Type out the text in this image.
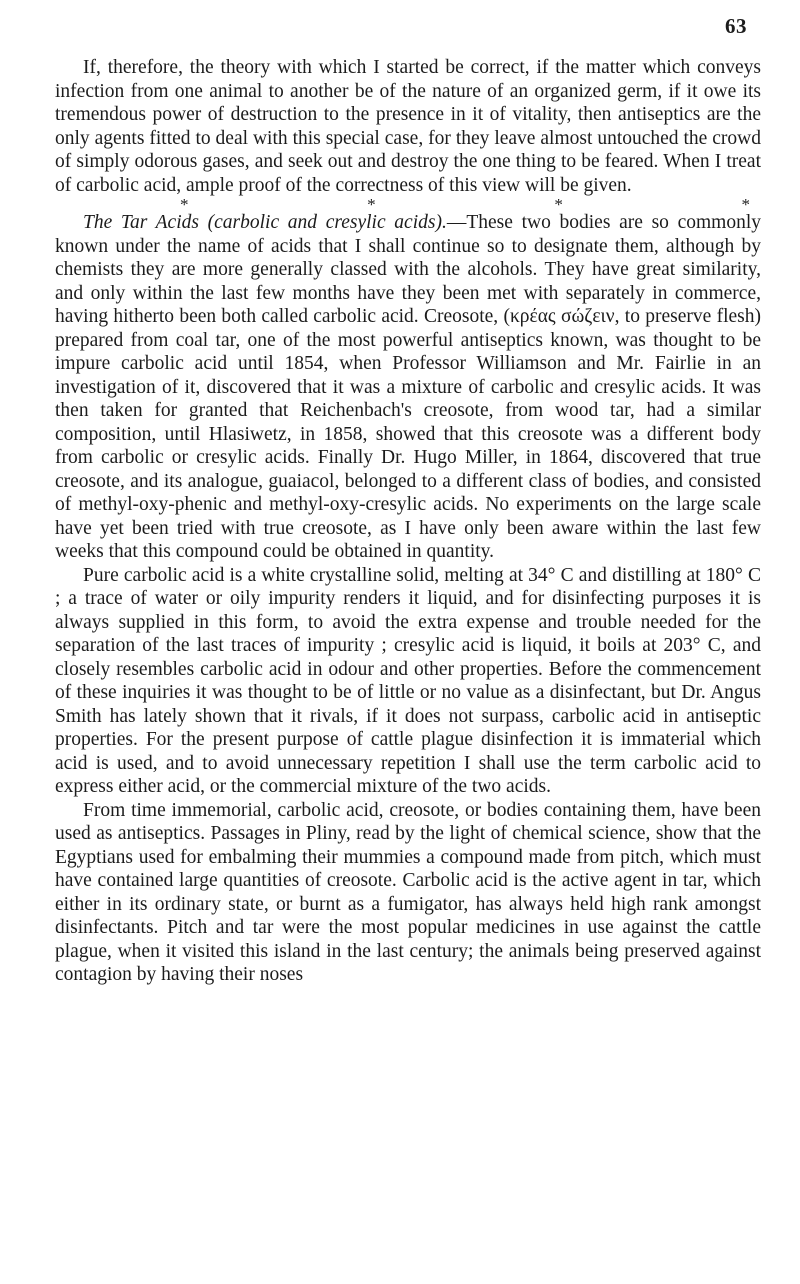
63

If, therefore, the theory with which I started be correct, if the matter which conveys infection from one animal to another be of the nature of an organized germ, if it owe its tremendous power of destruction to the presence in it of vitality, then antiseptics are the only agents fitted to deal with this special case, for they leave almost untouched the crowd of simply odorous gases, and seek out and destroy the one thing to be feared. When I treat of carbolic acid, ample proof of the correctness of this view will be given.

*	*	*	*

The Tar Acids (carbolic and cresylic acids).—These two bodies are so commonly known under the name of acids that I shall continue so to designate them, although by chemists they are more generally classed with the alcohols. They have great similarity, and only within the last few months have they been met with separately in commerce, having hitherto been both called carbolic acid. Creosote, (κρέας σώζειν, to preserve flesh) prepared from coal tar, one of the most powerful antiseptics known, was thought to be impure carbolic acid until 1854, when Professor Williamson and Mr. Fairlie in an investigation of it, discovered that it was a mixture of carbolic and cresylic acids. It was then taken for granted that Reichenbach's creosote, from wood tar, had a similar composition, until Hlasiwetz, in 1858, showed that this creosote was a different body from carbolic or cresylic acids. Finally Dr. Hugo Miller, in 1864, discovered that true creosote, and its analogue, guaiacol, belonged to a different class of bodies, and consisted of methyl-oxy-phenic and methyl-oxy-cresylic acids. No experiments on the large scale have yet been tried with true creosote, as I have only been aware within the last few weeks that this compound could be obtained in quantity.

Pure carbolic acid is a white crystalline solid, melting at 34° C and distilling at 180° C ; a trace of water or oily impurity renders it liquid, and for disinfecting purposes it is always supplied in this form, to avoid the extra expense and trouble needed for the separation of the last traces of impurity ; cresylic acid is liquid, it boils at 203° C, and closely resembles carbolic acid in odour and other properties. Before the commencement of these inquiries it was thought to be of little or no value as a disinfectant, but Dr. Angus Smith has lately shown that it rivals, if it does not surpass, carbolic acid in antiseptic properties. For the present purpose of cattle plague disinfection it is immaterial which acid is used, and to avoid unnecessary repetition I shall use the term carbolic acid to express either acid, or the commercial mixture of the two acids.

From time immemorial, carbolic acid, creosote, or bodies containing them, have been used as antiseptics. Passages in Pliny, read by the light of chemical science, show that the Egyptians used for embalming their mummies a compound made from pitch, which must have contained large quantities of creosote. Carbolic acid is the active agent in tar, which either in its ordinary state, or burnt as a fumigator, has always held high rank amongst disinfectants. Pitch and tar were the most popular medicines in use against the cattle plague, when it visited this island in the last century; the animals being preserved against contagion by having their noses
